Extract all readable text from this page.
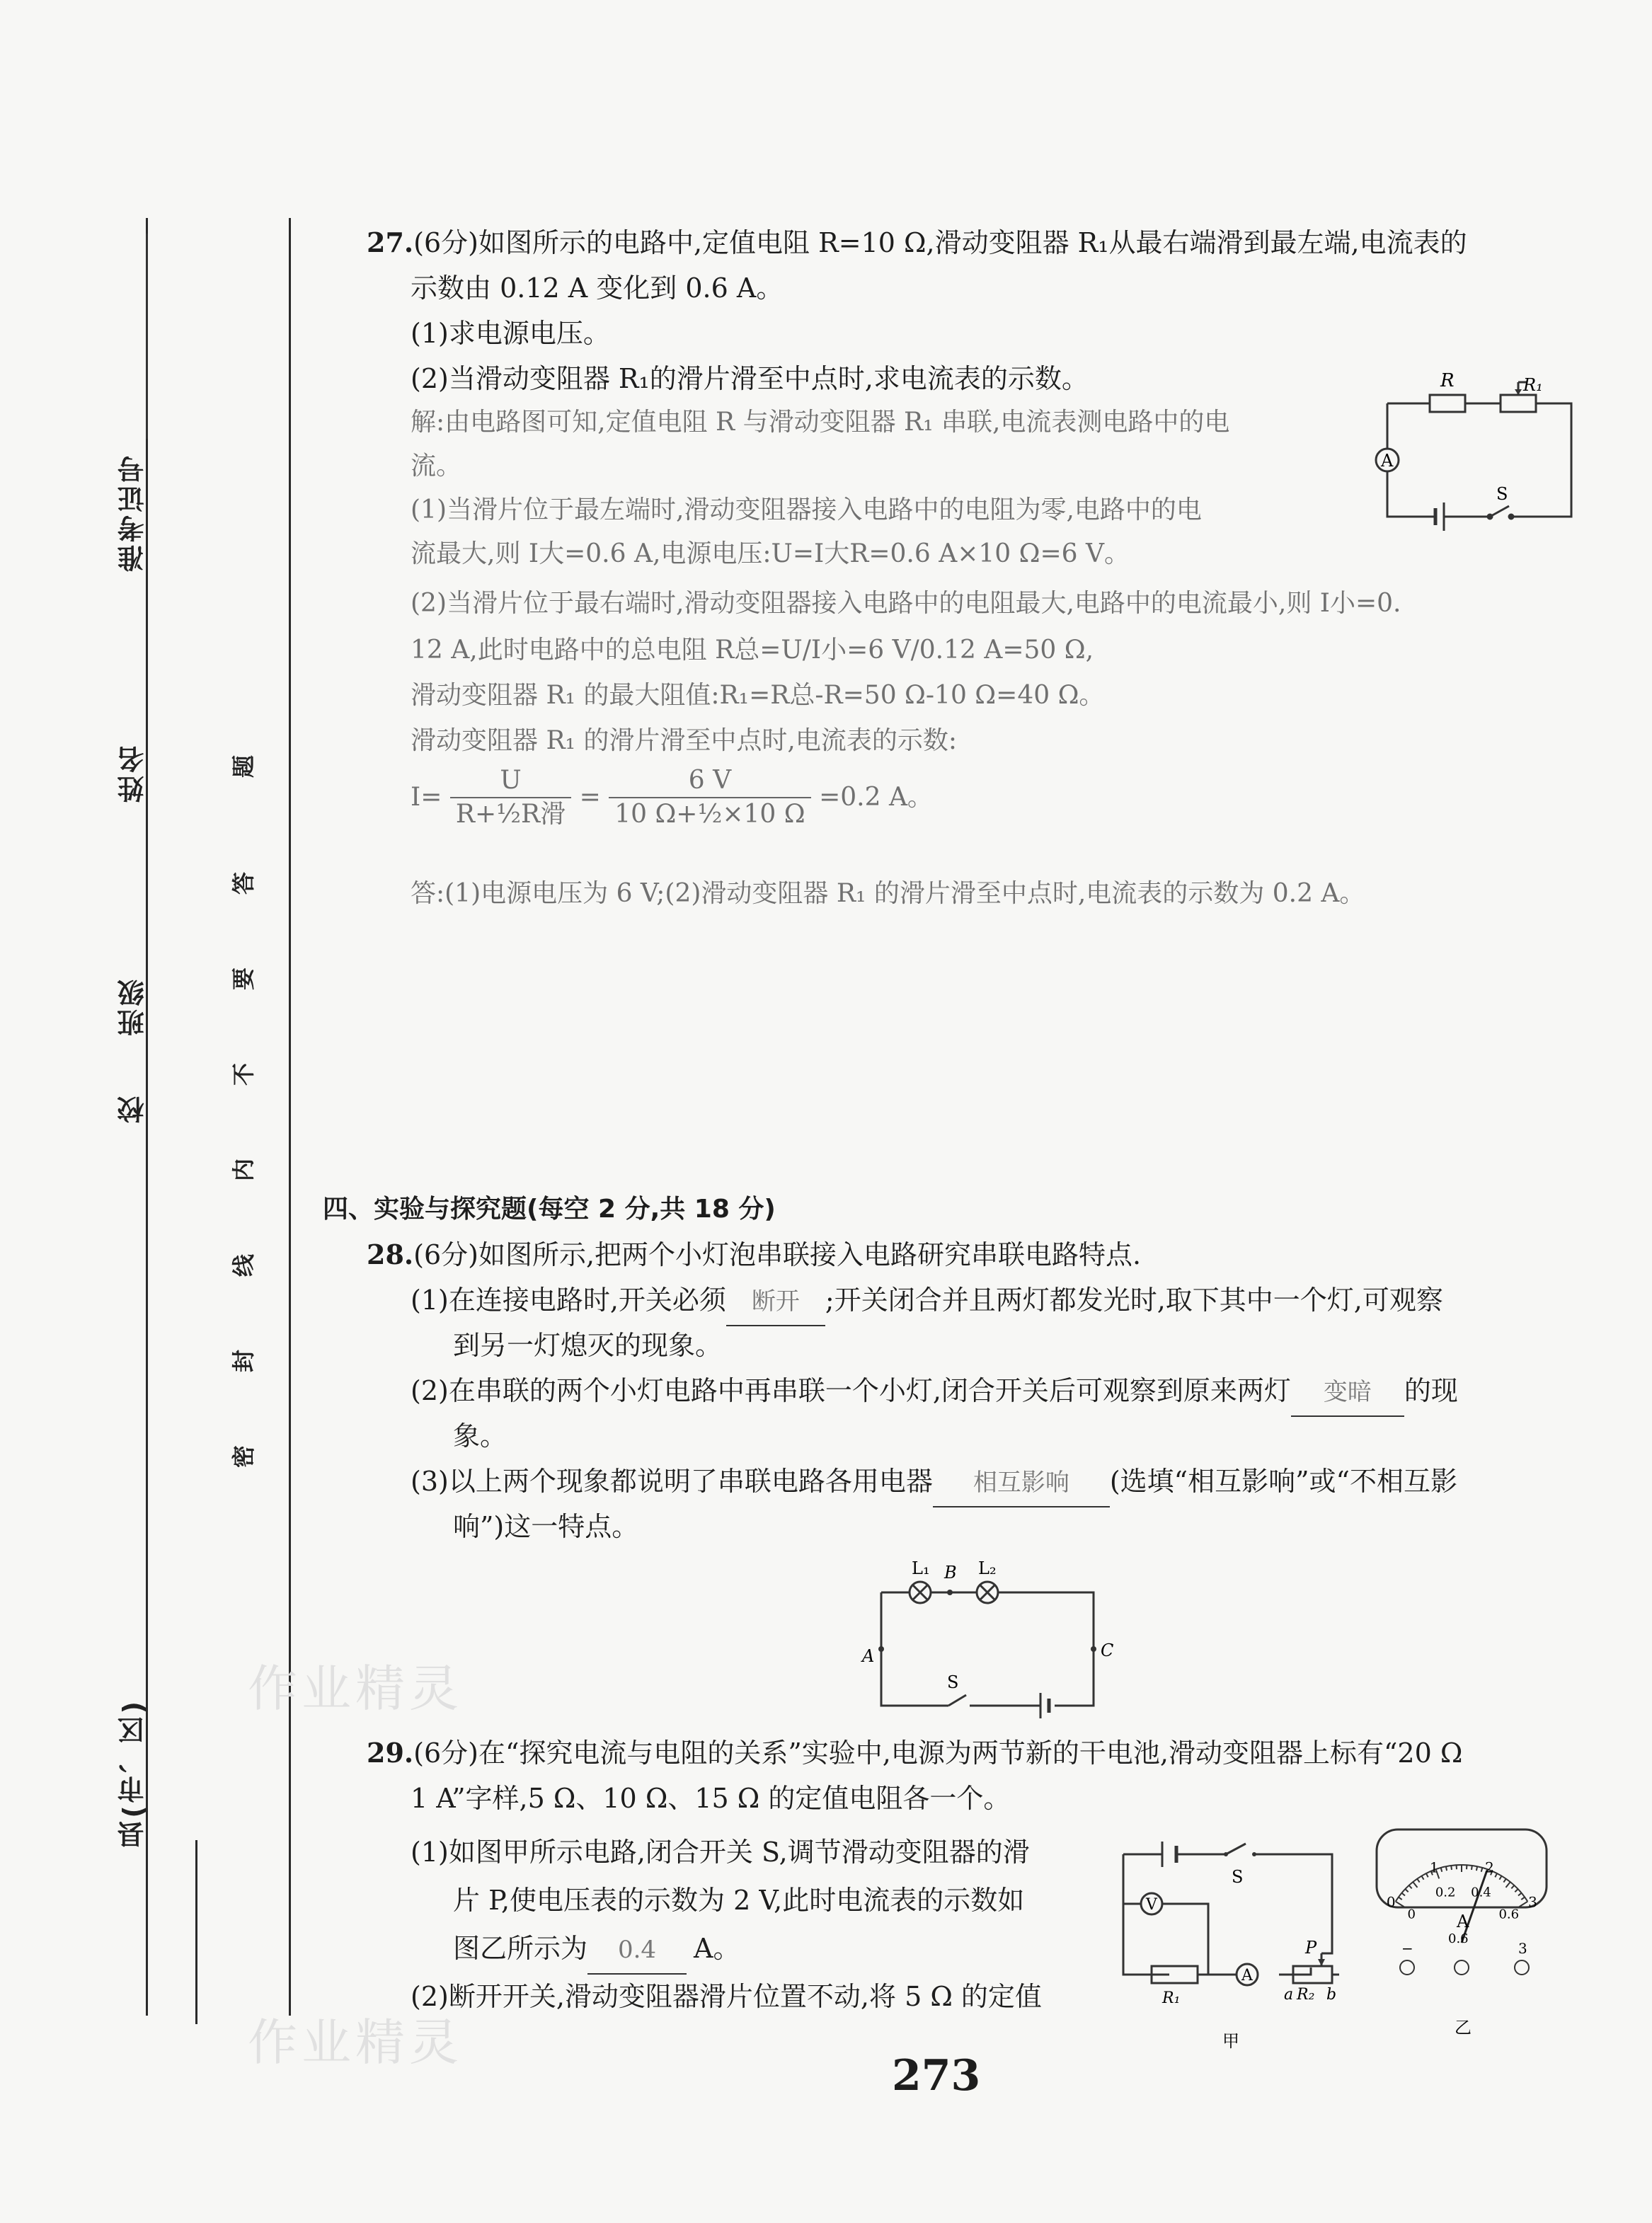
准考证号
姓名
班级
校
县(市、区)
题
答
要
不
内
线
封
密
27.(6分)如图所示的电路中,定值电阻 R=10 Ω,滑动变阻器 R₁从最右端滑到最左端,电流表的
示数由 0.12 A 变化到 0.6 A。
(1)求电源电压。
(2)当滑动变阻器 R₁的滑片滑至中点时,求电流表的示数。
解:由电路图可知,定值电阻 R 与滑动变阻器 R₁ 串联,电流表测电路中的电
流。
(1)当滑片位于最左端时,滑动变阻器接入电路中的电阻为零,电路中的电
流最大,则 I大=0.6 A,电源电压:U=I大R=0.6 A×10 Ω=6 V。
(2)当滑片位于最右端时,滑动变阻器接入电路中的电阻最大,电路中的电流最小,则 I小=0.
12 A,此时电路中的总电阻 R总=U/I小=6 V/0.12 A=50 Ω,
滑动变阻器 R₁ 的最大阻值:R₁=R总-R=50 Ω-10 Ω=40 Ω。
滑动变阻器 R₁ 的滑片滑至中点时,电流表的示数:
$I= \frac{U}{\text{R+½R滑}} = \frac{6 V}{\text{10 Ω+½×10 Ω}} =0.2$ A。
答:(1)电源电压为 6 V;(2)滑动变阻器 R₁ 的滑片滑至中点时,电流表的示数为 0.2 A。
R	R₁
A
S
四、实验与探究题(每空 2 分,共 18 分)
28.(6分)如图所示,把两个小灯泡串联接入电路研究串联电路特点.
(1)在连接电路时,开关必须 断开 ;开关闭合并且两灯都发光时,取下其中一个灯,可观察
到另一灯熄灭的现象。
(2)在串联的两个小灯电路中再串联一个小灯,闭合开关后可观察到原来两灯 变暗 的现
象。
(3)以上两个现象都说明了串联电路各用电器 相互影响 (选填“相互影响”或“不相互影
响”)这一特点。
L₁	L₂
B
A	C
S
29.(6分)在“探究电流与电阻的关系”实验中,电源为两节新的干电池,滑动变阻器上标有“20 Ω
1 A”字样,5 Ω、10 Ω、15 Ω 的定值电阻各一个。
(1)如图甲所示电路,闭合开关 S,调节滑动变阻器的滑
片 P,使电压表的示数为 2 V,此时电流表的示数如
图乙所示为 0.4 A。
(2)断开开关,滑动变阻器滑片位置不动,将 5 Ω 的定值
S
V
A
R₁
P
a R₂ b
甲
0
1	2
3
0
0.2 0.4
0.6
A
−
0.6
3
乙
作业精灵
作业精灵
273
